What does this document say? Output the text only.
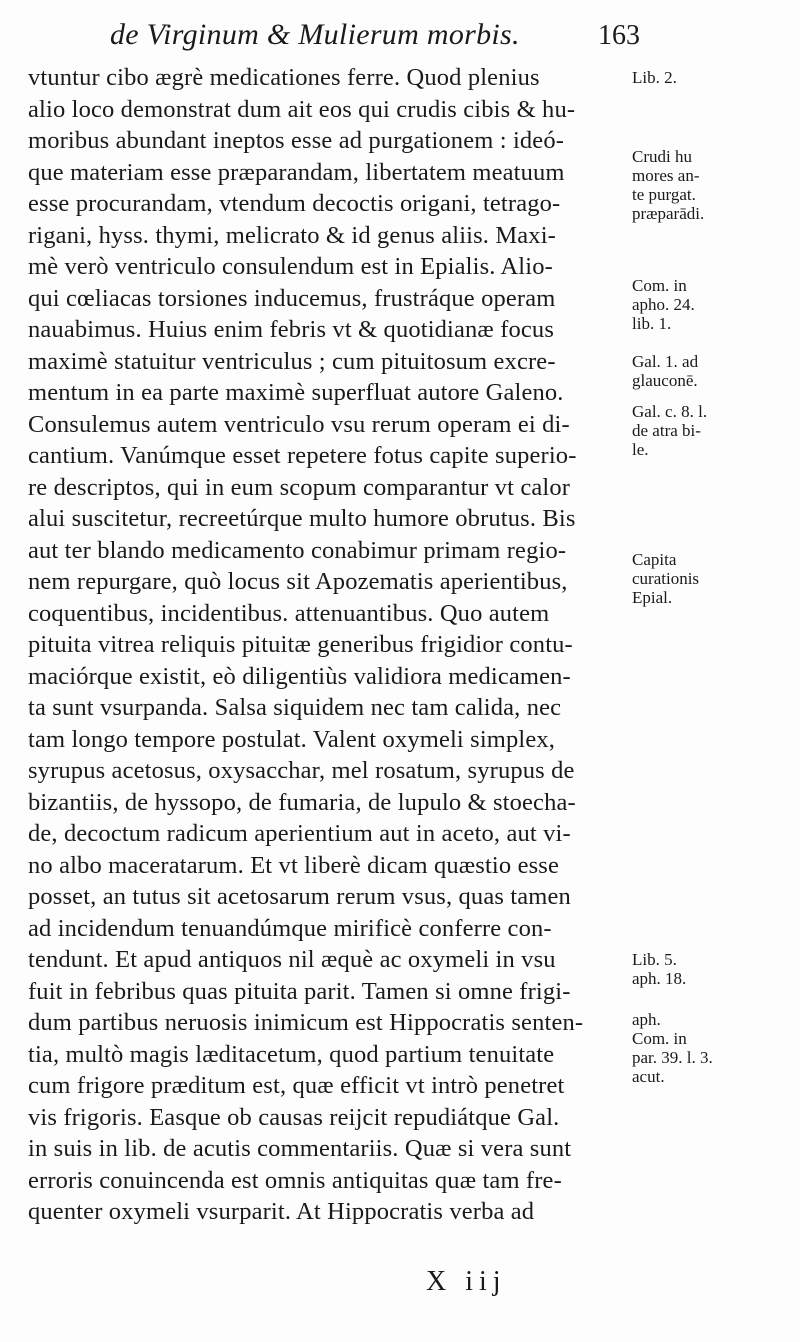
de Virginum & Mulierum morbis.	163
vtuntur cibo ægrè medicationes ferre. Quod plenius
alio loco demonstrat dum ait eos qui crudis cibis & hu-
moribus abundant ineptos esse ad purgationem : ideó-
que materiam esse præparandam, libertatem meatuum
esse procurandam, vtendum decoctis origani, tetrago-
rigani, hyss. thymi, melicrato & id genus aliis. Maxi-
mè verò ventriculo consulendum est in Epialis. Alio-
qui cœliacas torsiones inducemus, frustráque operam
nauabimus. Huius enim febris vt & quotidianæ focus
maximè statuitur ventriculus ; cum pituitosum excre-
mentum in ea parte maximè superfluat autore Galeno.
Consulemus autem ventriculo vsu rerum operam ei di-
cantium. Vanúmque esset repetere fotus capite superio-
re descriptos, qui in eum scopum comparantur vt calor
alui suscitetur, recreetúrque multo humore obrutus. Bis
aut ter blando medicamento conabimur primam regio-
nem repurgare, quò locus sit Apozematis aperientibus,
coquentibus, incidentibus. attenuantibus. Quo autem
pituita vitrea reliquis pituitæ generibus frigidior contu-
maciórque existit, eò diligentiùs validiora medicamen-
ta sunt vsurpanda. Salsa siquidem nec tam calida, nec
tam longo tempore postulat. Valent oxymeli simplex,
syrupus acetosus, oxysacchar, mel rosatum, syrupus de
bizantiis, de hyssopo, de fumaria, de lupulo & stoecha-
de, decoctum radicum aperientium aut in aceto, aut vi-
no albo maceratarum. Et vt liberè dicam quæstio esse
posset, an tutus sit acetosarum rerum vsus, quas tamen
ad incidendum tenuandúmque mirificè conferre con-
tendunt. Et apud antiquos nil æquè ac oxymeli in vsu
fuit in febribus quas pituita parit. Tamen si omne frigi-
dum partibus neruosis inimicum est Hippocratis senten-
tia, multò magis læditacetum, quod partium tenuitate
cum frigore præditum est, quæ efficit vt intrò penetret
vis frigoris. Easque ob causas reijcit repudiátque Gal.
in suis in lib. de acutis commentariis. Quæ si vera sunt
erroris conuincenda est omnis antiquitas quæ tam fre-
quenter oxymeli vsurparit. At Hippocratis verba ad
Lib. 2.
Crudi hu
mores an-
te purgat.
præparādi.
Com. in
apho. 24.
lib. 1.
Gal. 1. ad
glauconē.
Gal. c. 8. l.
de atra bi-
le.
Capita
curationis
Epial.
Lib. 5.
aph. 18.
aph.
Com. in
par. 39. l. 3.
acut.
X iij
